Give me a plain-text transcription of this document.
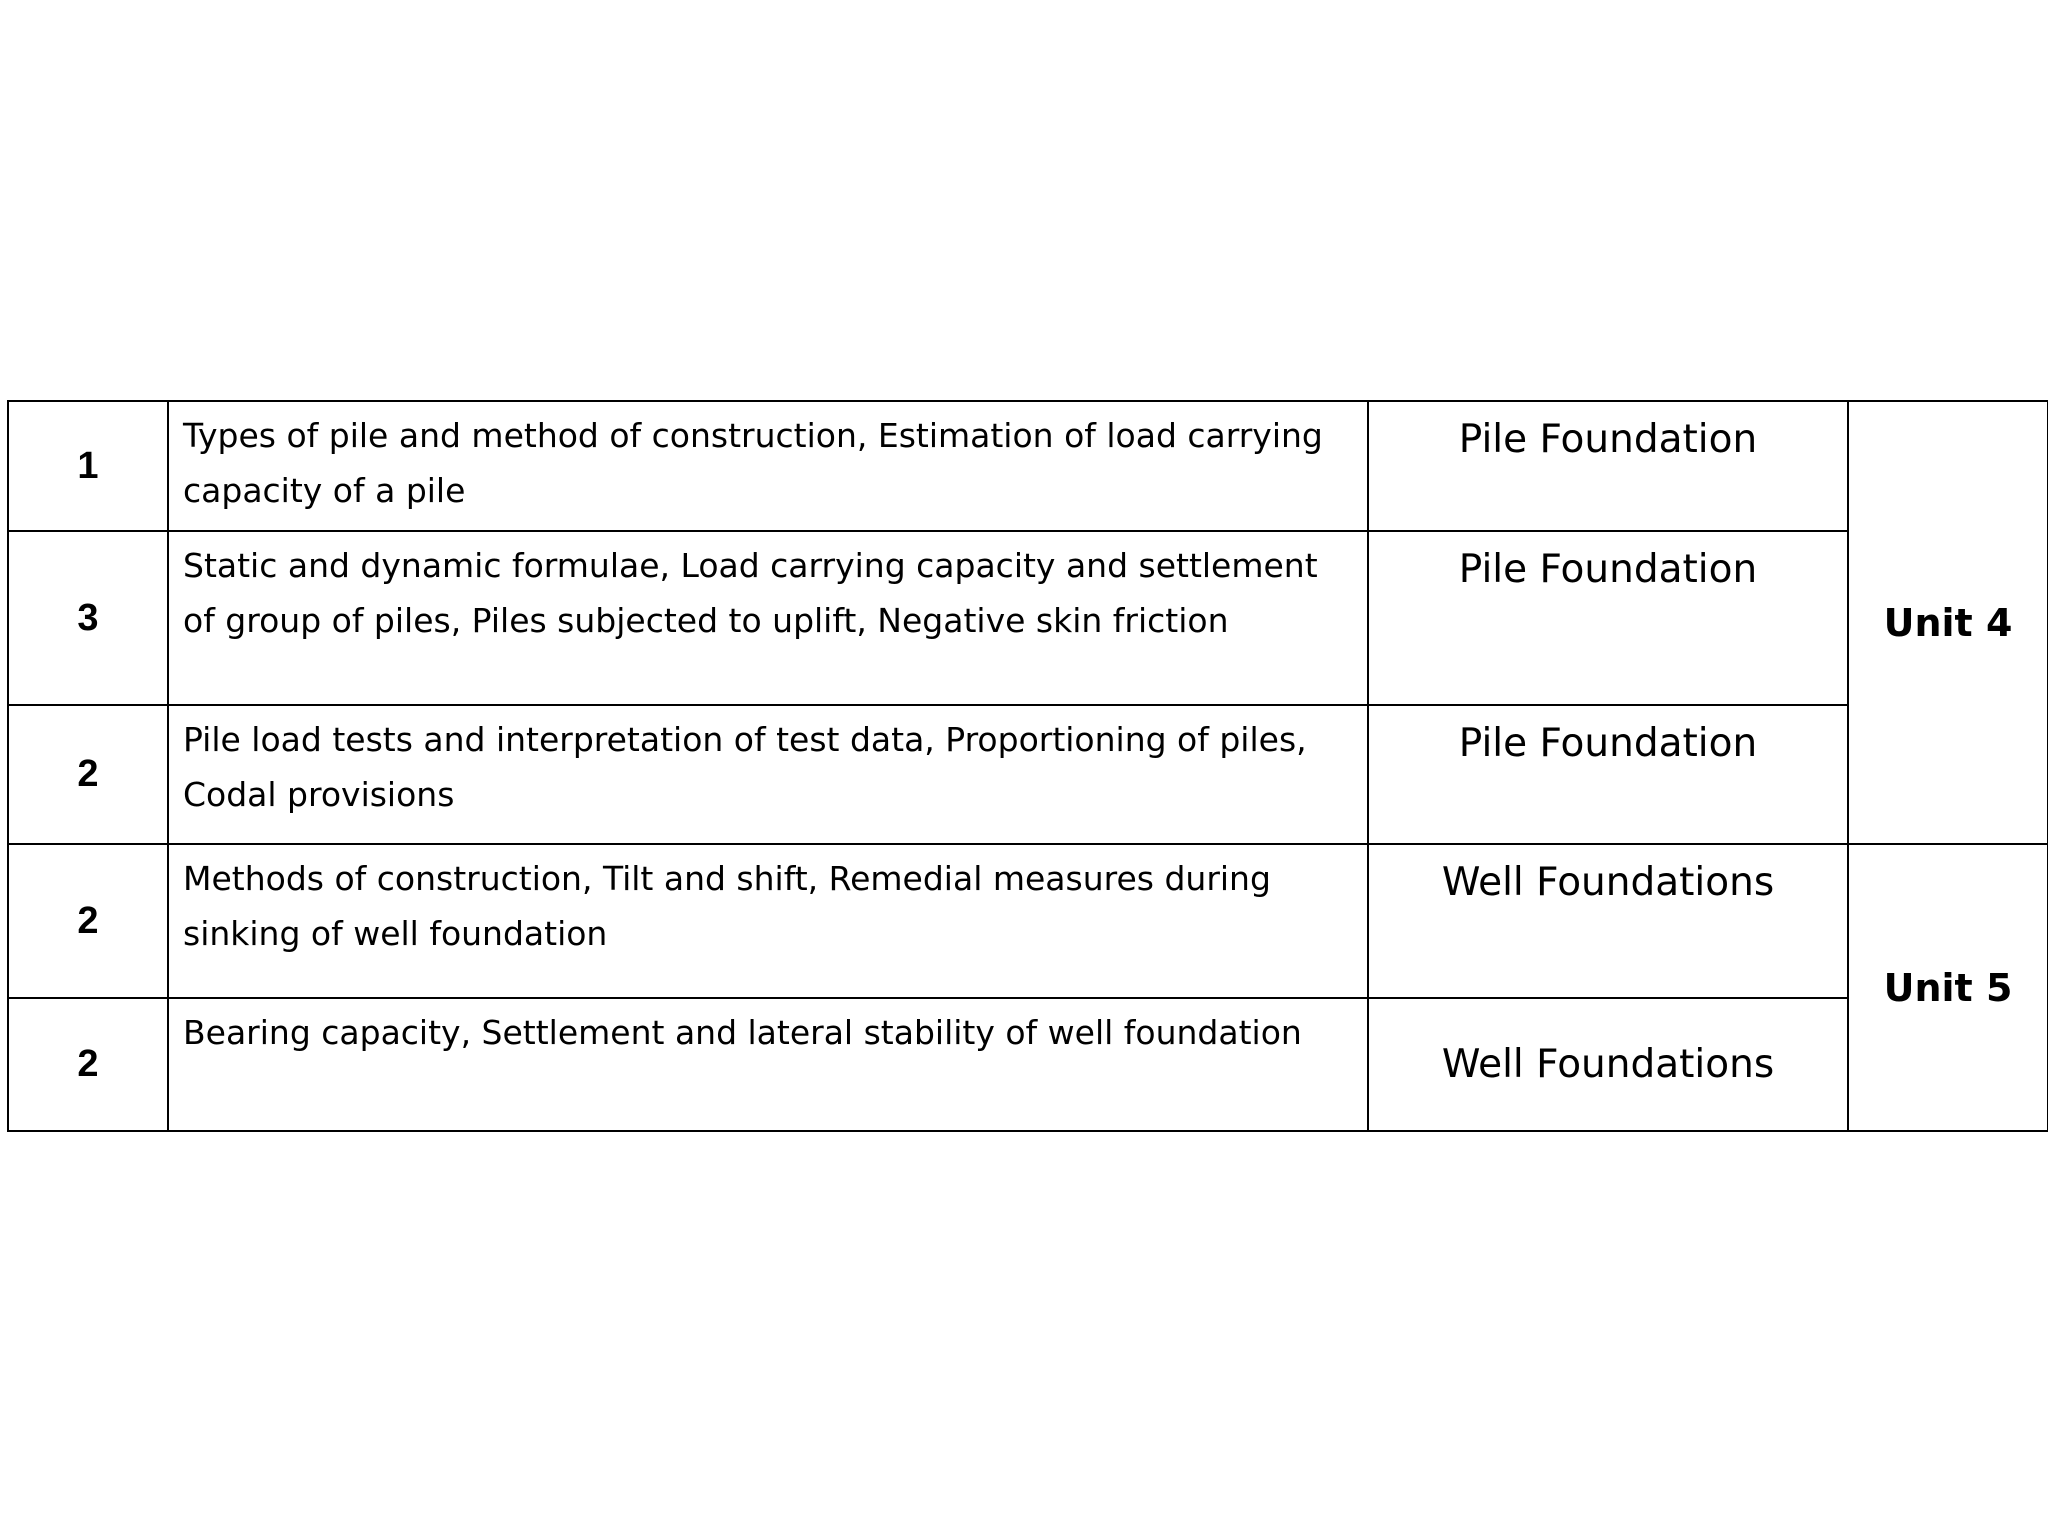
1	Types of pile and method of construction, Estimation of load carrying capacity of a pile	Pile Foundation	Unit 4
3	Static and dynamic formulae, Load carrying capacity and settlement of group of piles, Piles subjected to uplift, Negative skin friction	Pile Foundation	
2	Pile load tests and interpretation of test data, Proportioning of piles, Codal provisions	Pile Foundation	
2	Methods of construction, Tilt and shift, Remedial measures during sinking of well foundation	Well Foundations	Unit 5
2	Bearing capacity, Settlement and lateral stability of well foundation	Well Foundations	
